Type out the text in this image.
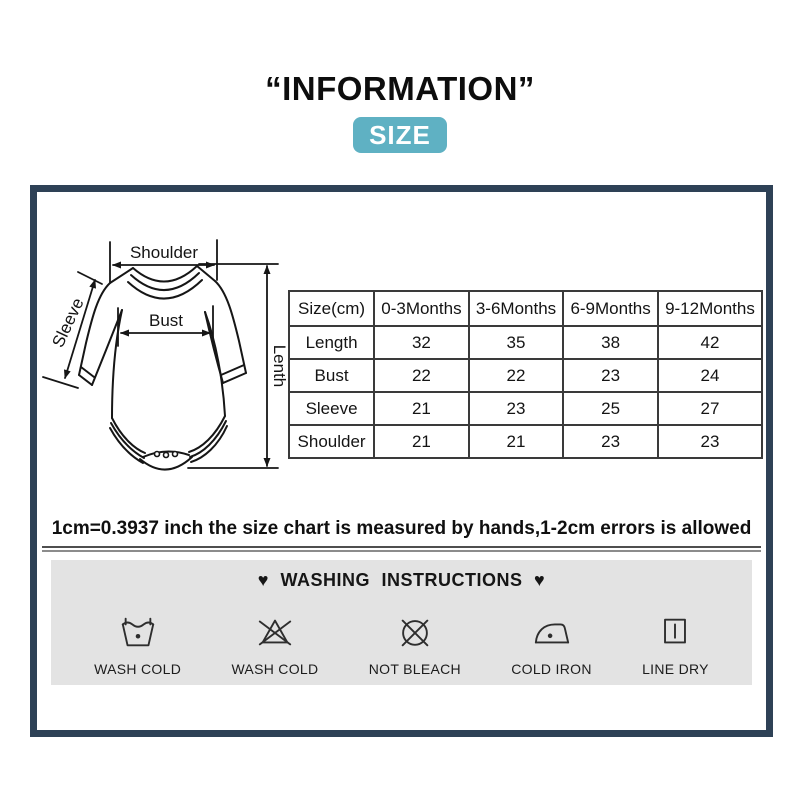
“INFORMATION”
SIZE
Shoulder
Bust
Sleeve
Lenth
Size(cm)	0-3Months	3-6Months	6-9Months	9-12Months
Length	32	35	38	42
Bust	22	22	23	24
Sleeve	21	23	25	27
Shoulder	21	21	23	23

1cm=0.3937 inch the size chart is measured by hands,1-2cm errors is allowed

♥ WASHING INSTRUCTIONS ♥
WASH COLD	WASH COLD	NOT BLEACH	COLD IRON	LINE DRY
